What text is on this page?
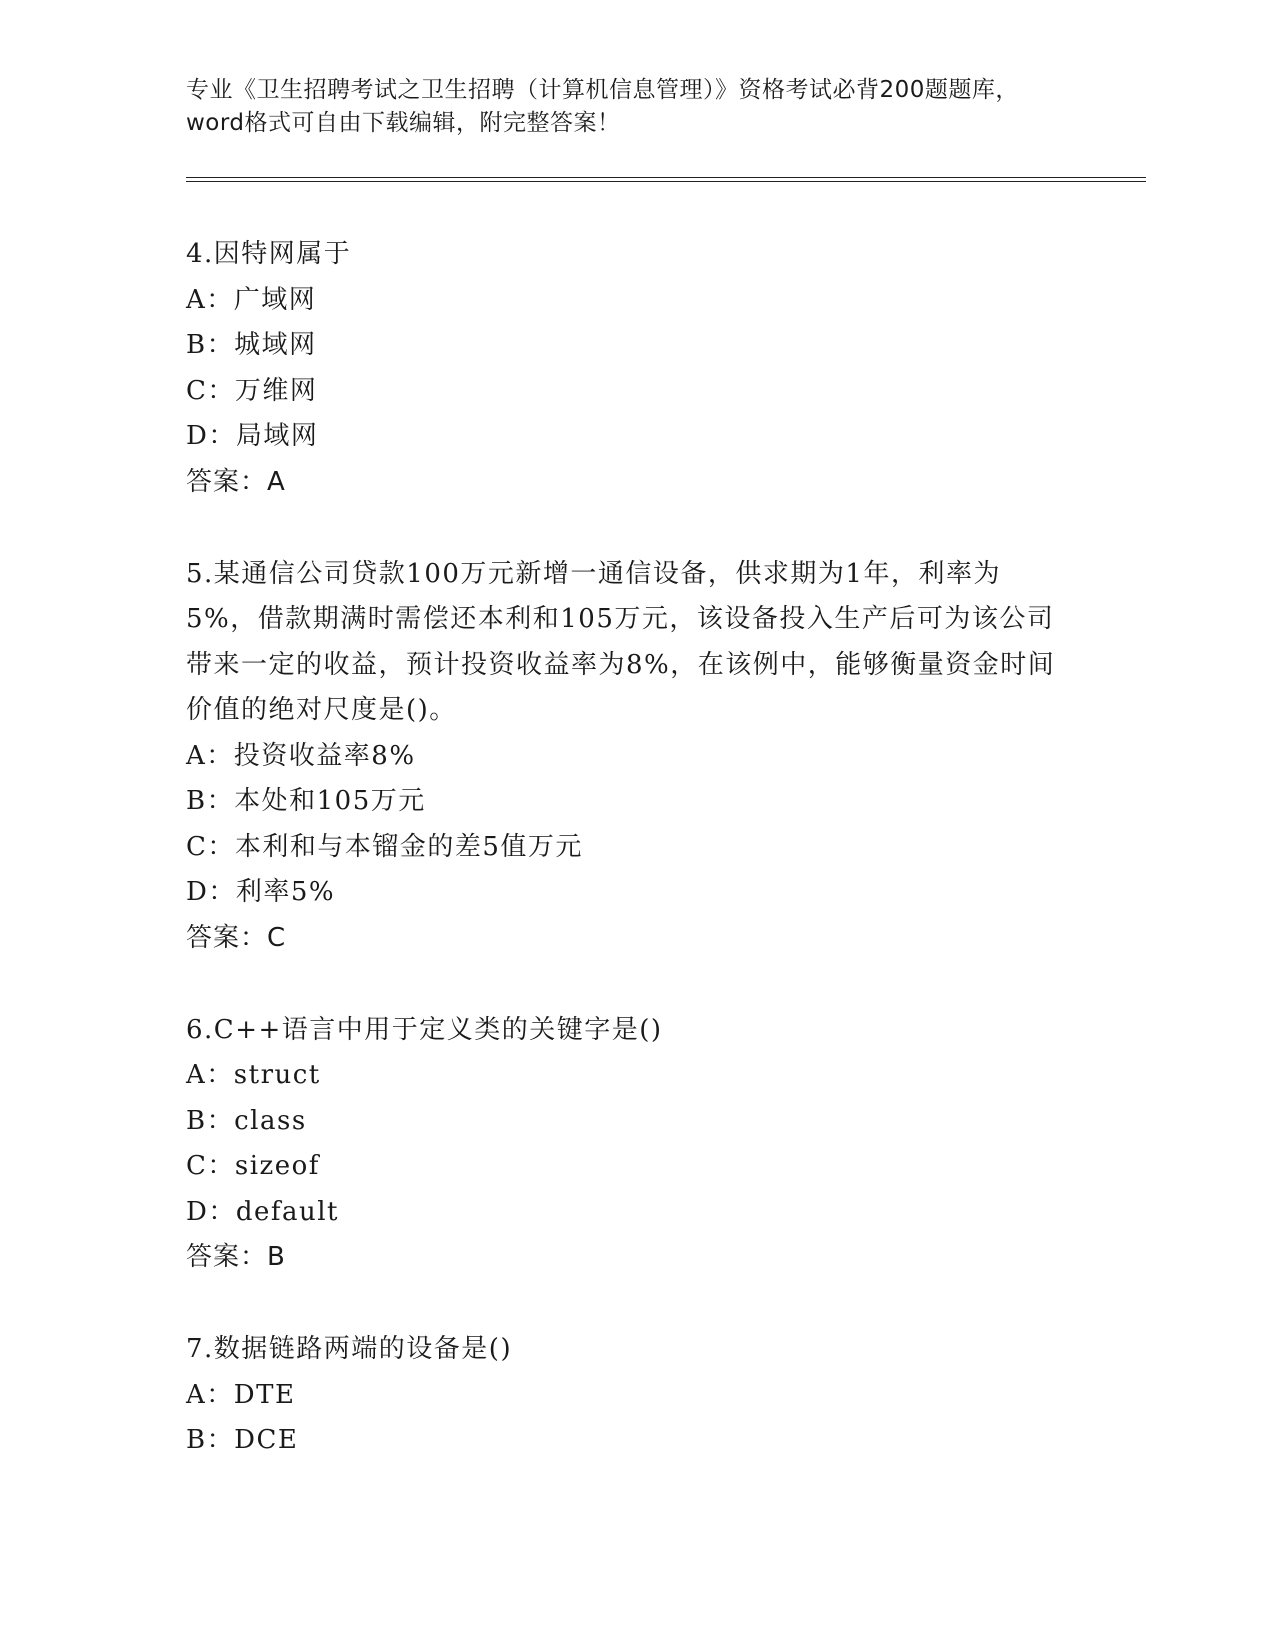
专业《卫生招聘考试之卫生招聘（计算机信息管理）》资格考试必背200题题库，
word格式可自由下载编辑，附完整答案！
4.因特网属于
A：广域网
B：城域网
C：万维网
D：局域网
答案：A
5.某通信公司贷款100万元新增一通信设备，供求期为1年，利率为5%，借款期满时需偿还本利和105万元，该设备投入生产后可为该公司带来一定的收益，预计投资收益率为8%，在该例中，能够衡量资金时间价值的绝对尺度是()。
A：投资收益率8%
B：本处和105万元
C：本利和与本镏金的差5值万元
D：利率5%
答案：C
6.C++语言中用于定义类的关键字是()
A：struct
B：class
C：sizeof
D：default
答案：B
7.数据链路两端的设备是()
A：DTE
B：DCE
